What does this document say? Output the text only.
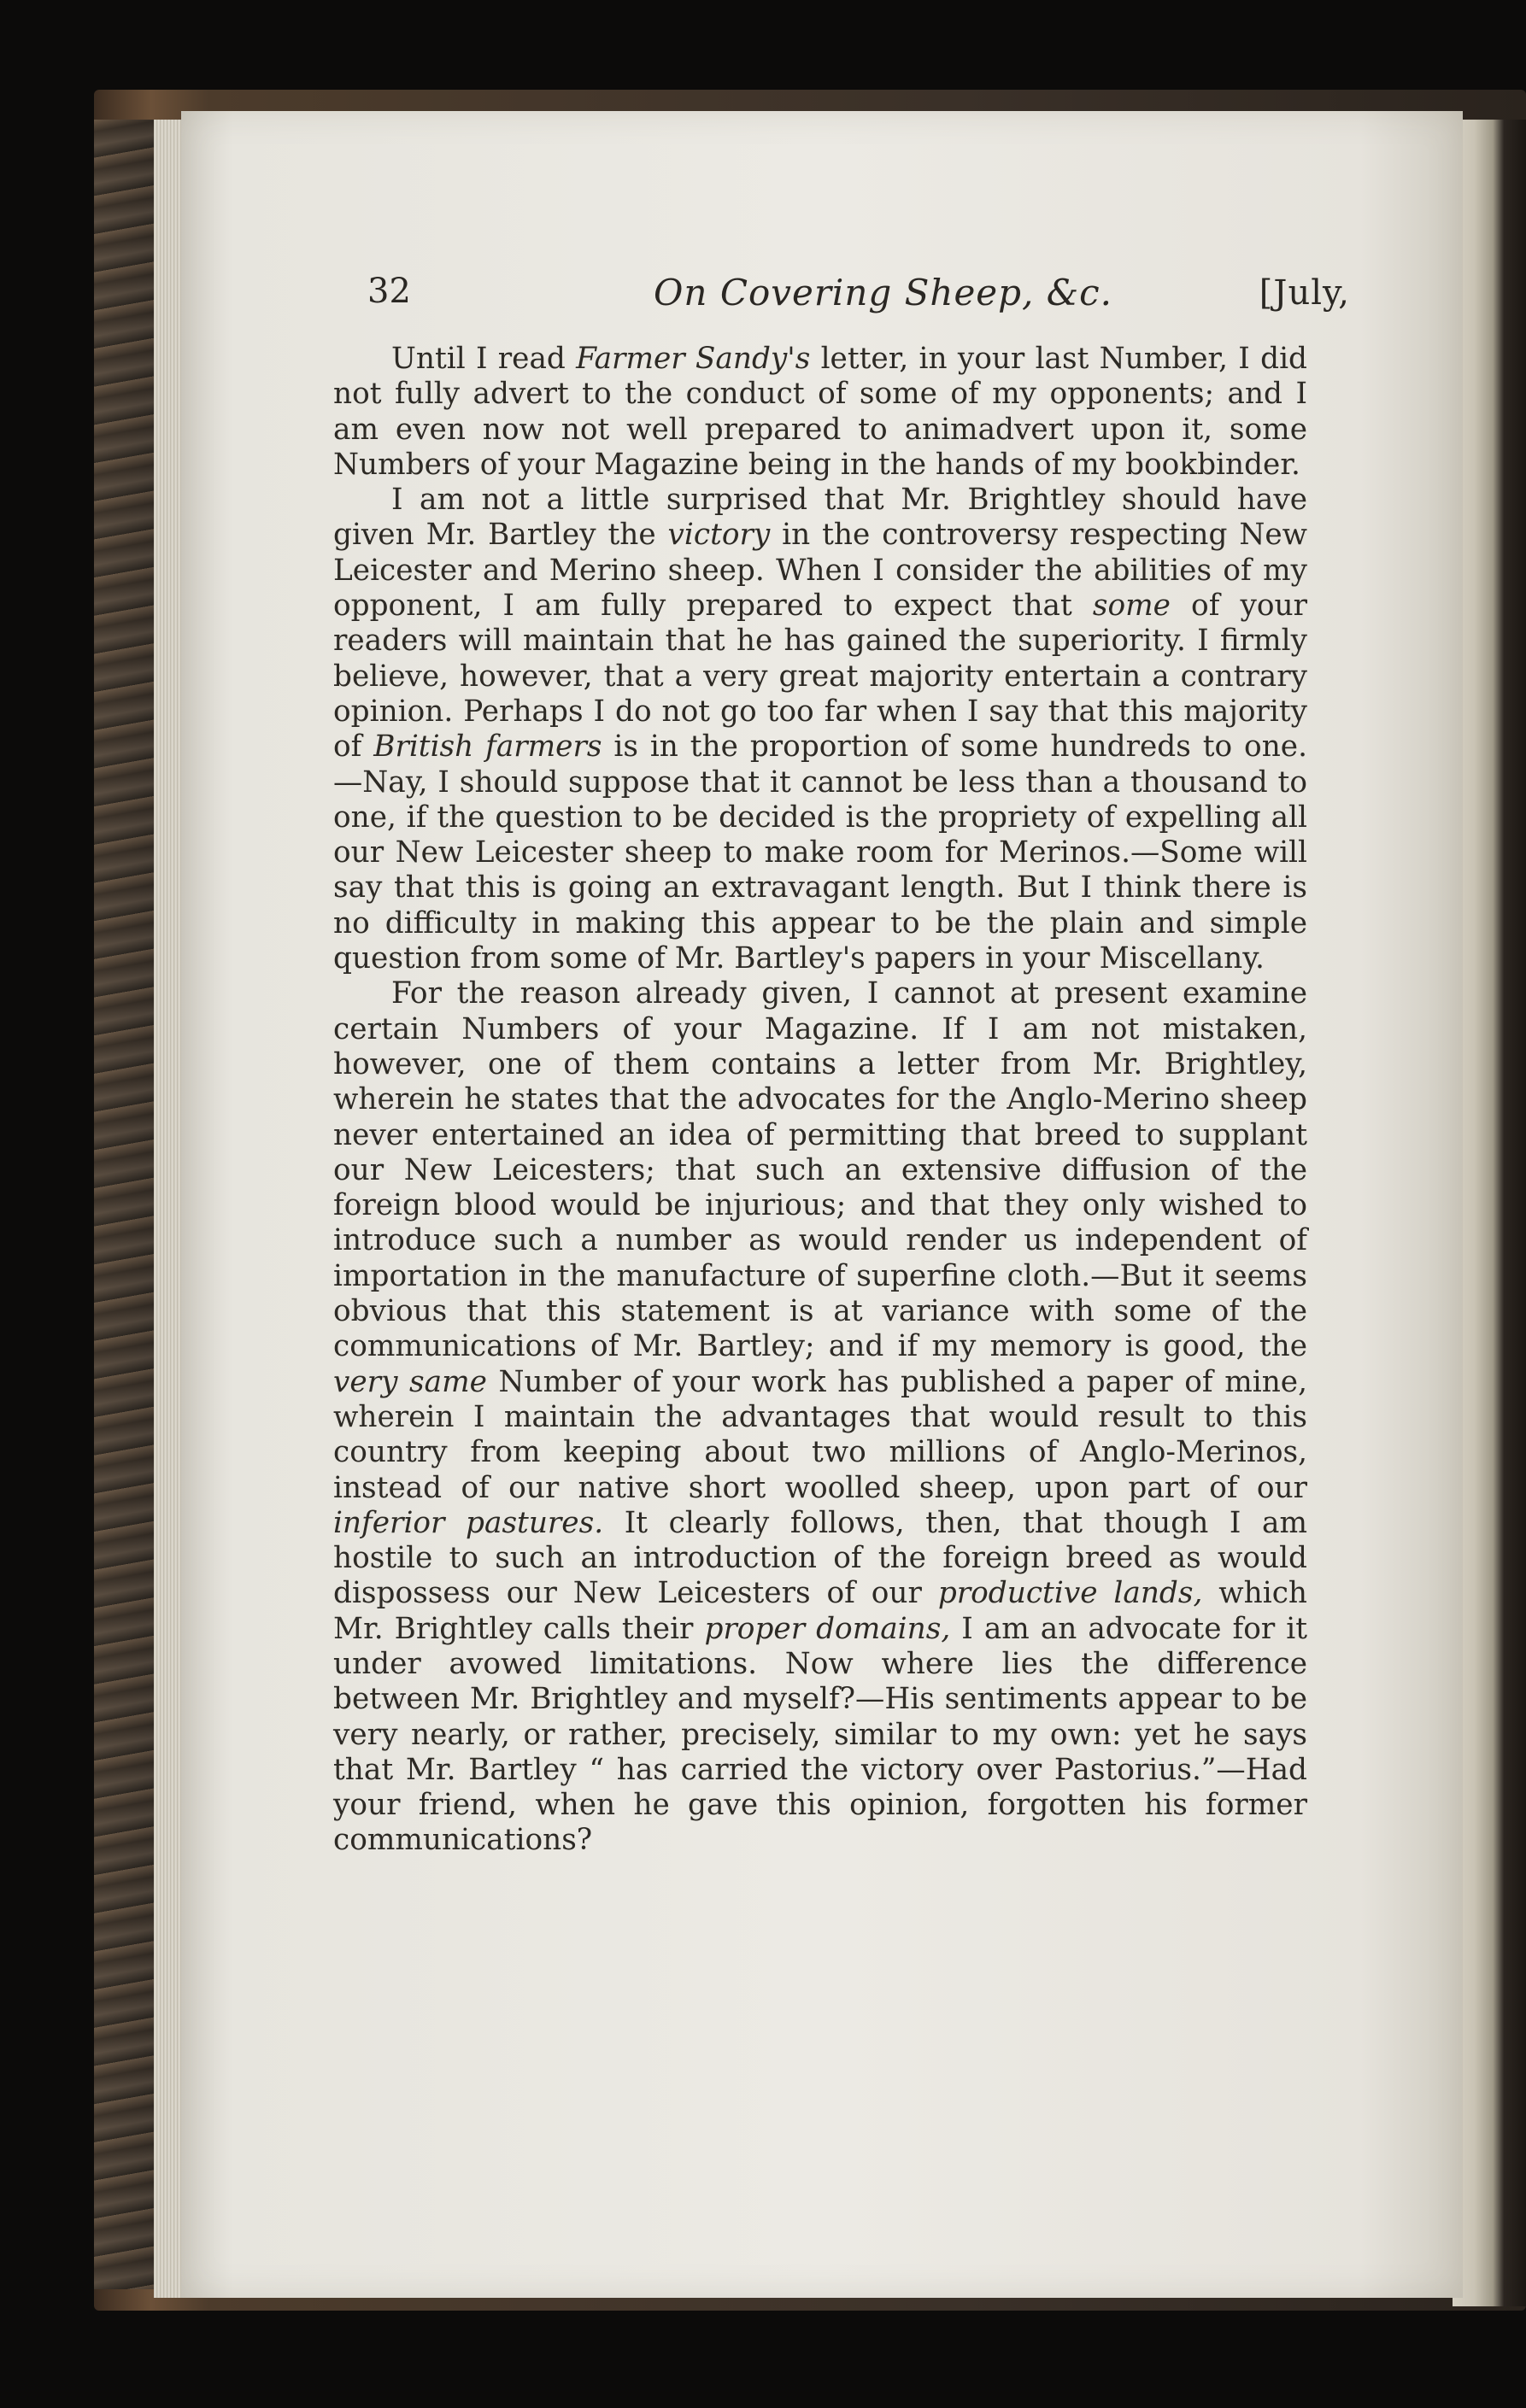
32	On Covering Sheep, &c.	[July,

Until I read Farmer Sandy's letter, in your last Number, I did not fully advert to the conduct of some of my opponents; and I am even now not well prepared to animadvert upon it, some Numbers of your Magazine being in the hands of my bookbinder.

I am not a little surprised that Mr. Brightley should have given Mr. Bartley the victory in the controversy respecting New Leicester and Merino sheep. When I consider the abilities of my opponent, I am fully prepared to expect that some of your readers will maintain that he has gained the superiority. I firmly believe, however, that a very great majority entertain a contrary opinion. Perhaps I do not go too far when I say that this majority of British farmers is in the proportion of some hundreds to one.—Nay, I should suppose that it cannot be less than a thousand to one, if the question to be decided is the propriety of expelling all our New Leicester sheep to make room for Merinos.—Some will say that this is going an extravagant length. But I think there is no difficulty in making this appear to be the plain and simple question from some of Mr. Bartley's papers in your Miscellany.

For the reason already given, I cannot at present examine certain Numbers of your Magazine. If I am not mistaken, however, one of them contains a letter from Mr. Brightley, wherein he states that the advocates for the Anglo-Merino sheep never entertained an idea of permitting that breed to supplant our New Leicesters; that such an extensive diffusion of the foreign blood would be injurious; and that they only wished to introduce such a number as would render us independent of importation in the manufacture of superfine cloth.—But it seems obvious that this statement is at variance with some of the communications of Mr. Bartley; and if my memory is good, the very same Number of your work has published a paper of mine, wherein I maintain the advantages that would result to this country from keeping about two millions of Anglo-Merinos, instead of our native short woolled sheep, upon part of our inferior pastures. It clearly follows, then, that though I am hostile to such an introduction of the foreign breed as would dispossess our New Leicesters of our productive lands, which Mr. Brightley calls their proper domains, I am an advocate for it under avowed limitations. Now where lies the difference between Mr. Brightley and myself?—His sentiments appear to be very nearly, or rather, precisely, similar to my own: yet he says that Mr. Bartley “ has carried the victory over Pastorius.”—Had your friend, when he gave this opinion, forgotten his former communications?
